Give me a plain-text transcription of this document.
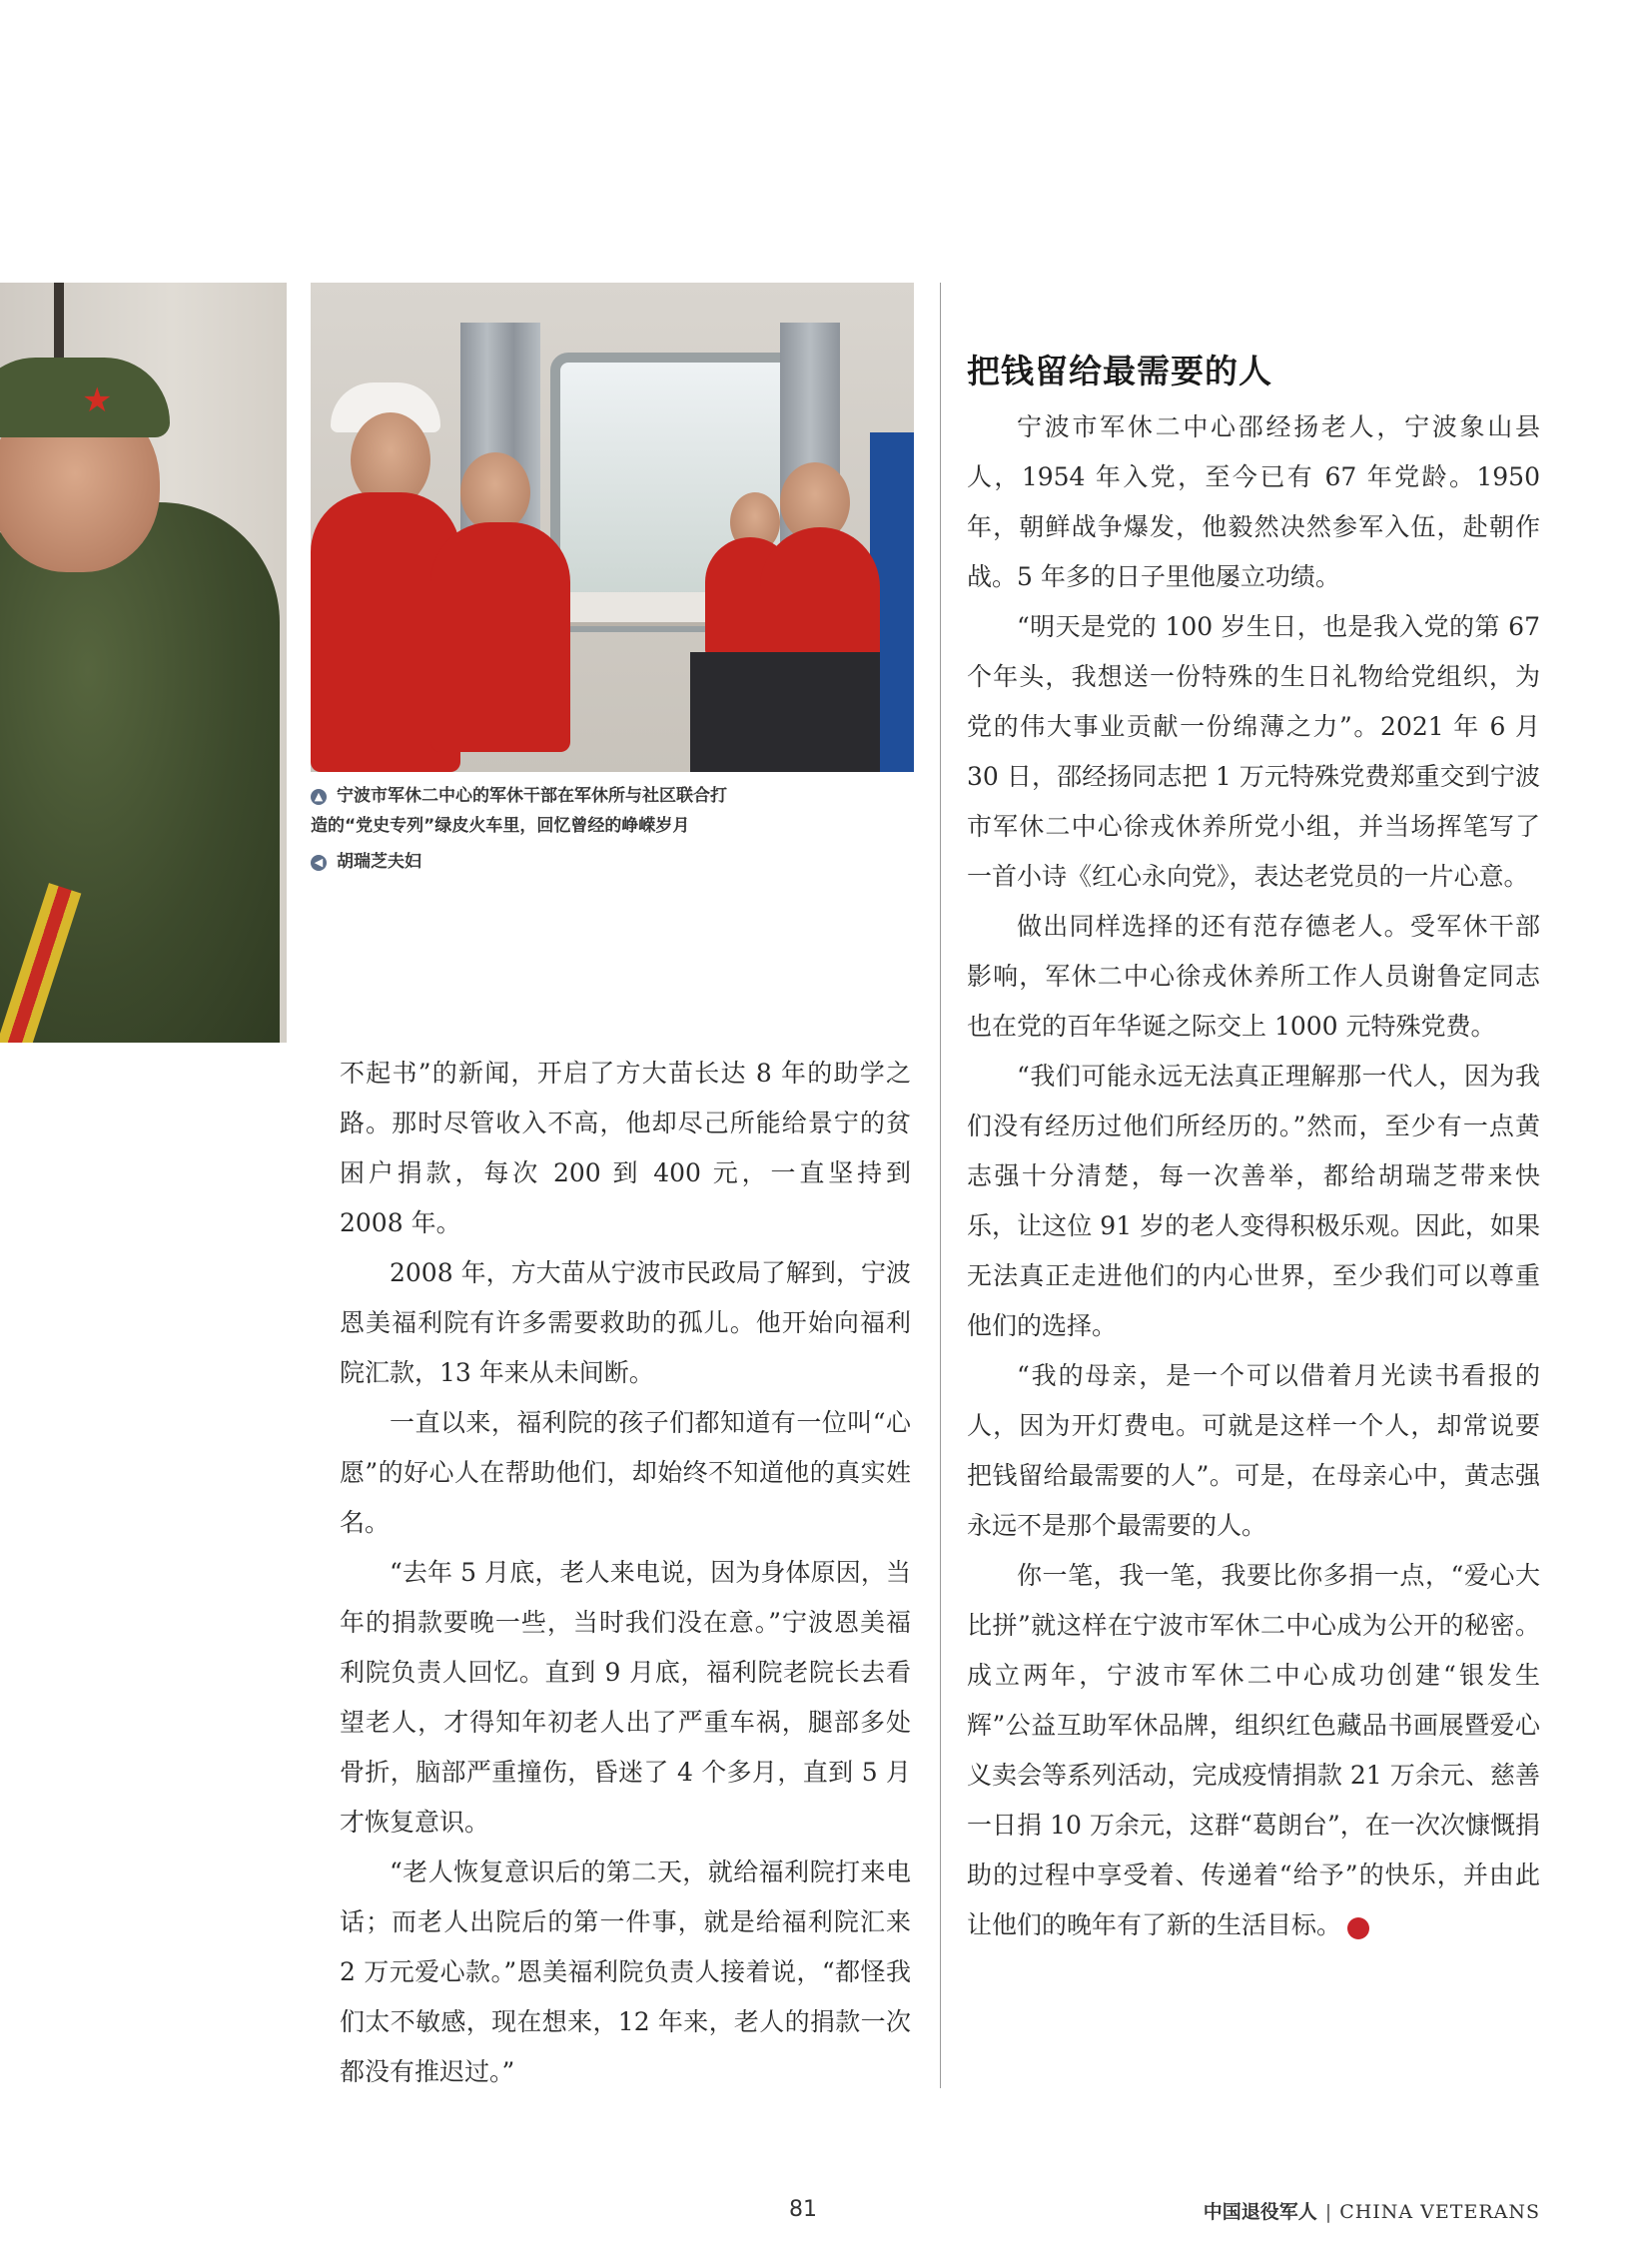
★
▲ 宁波市军休二中心的军休干部在军休所与社区联合打
造的“党史专列”绿皮火车里，回忆曾经的峥嵘岁月
◀ 胡瑞芝夫妇

不起书”的新闻，开启了方大苗长达 8 年的助学之路。那时尽管收入不高，他却尽己所能给景宁的贫困户捐款，每次 200 到 400 元，一直坚持到 2008 年。

2008 年，方大苗从宁波市民政局了解到，宁波恩美福利院有许多需要救助的孤儿。他开始向福利院汇款，13 年来从未间断。

一直以来，福利院的孩子们都知道有一位叫“心愿”的好心人在帮助他们，却始终不知道他的真实姓名。

“去年 5 月底，老人来电说，因为身体原因，当年的捐款要晚一些，当时我们没在意。”宁波恩美福利院负责人回忆。直到 9 月底，福利院老院长去看望老人，才得知年初老人出了严重车祸，腿部多处骨折，脑部严重撞伤，昏迷了 4 个多月，直到 5 月才恢复意识。

“老人恢复意识后的第二天，就给福利院打来电话；而老人出院后的第一件事，就是给福利院汇来 2 万元爱心款。”恩美福利院负责人接着说，“都怪我们太不敏感，现在想来，12 年来，老人的捐款一次都没有推迟过。”

把钱留给最需要的人

宁波市军休二中心邵经扬老人，宁波象山县人，1954 年入党，至今已有 67 年党龄。1950 年，朝鲜战争爆发，他毅然决然参军入伍，赴朝作战。5 年多的日子里他屡立功绩。

“明天是党的 100 岁生日，也是我入党的第 67 个年头，我想送一份特殊的生日礼物给党组织，为党的伟大事业贡献一份绵薄之力”。2021 年 6 月 30 日，邵经扬同志把 1 万元特殊党费郑重交到宁波市军休二中心徐戎休养所党小组，并当场挥笔写了一首小诗《红心永向党》，表达老党员的一片心意。

做出同样选择的还有范存德老人。受军休干部影响，军休二中心徐戎休养所工作人员谢鲁定同志也在党的百年华诞之际交上 1000 元特殊党费。

“我们可能永远无法真正理解那一代人，因为我们没有经历过他们所经历的。”然而，至少有一点黄志强十分清楚，每一次善举，都给胡瑞芝带来快乐，让这位 91 岁的老人变得积极乐观。因此，如果无法真正走进他们的内心世界，至少我们可以尊重他们的选择。

“我的母亲，是一个可以借着月光读书看报的人，因为开灯费电。可就是这样一个人，却常说要把钱留给最需要的人”。可是，在母亲心中，黄志强永远不是那个最需要的人。

你一笔，我一笔，我要比你多捐一点，“爱心大比拼”就这样在宁波市军休二中心成为公开的秘密。成立两年，宁波市军休二中心成功创建“银发生辉”公益互助军休品牌，组织红色藏品书画展暨爱心义卖会等系列活动，完成疫情捐款 21 万余元、慈善一日捐 10 万余元，这群“葛朗台”，在一次次慷慨捐助的过程中享受着、传递着“给予”的快乐，并由此让他们的晚年有了新的生活目标。	V

81	中国退役军人 | CHINA VETERANS
